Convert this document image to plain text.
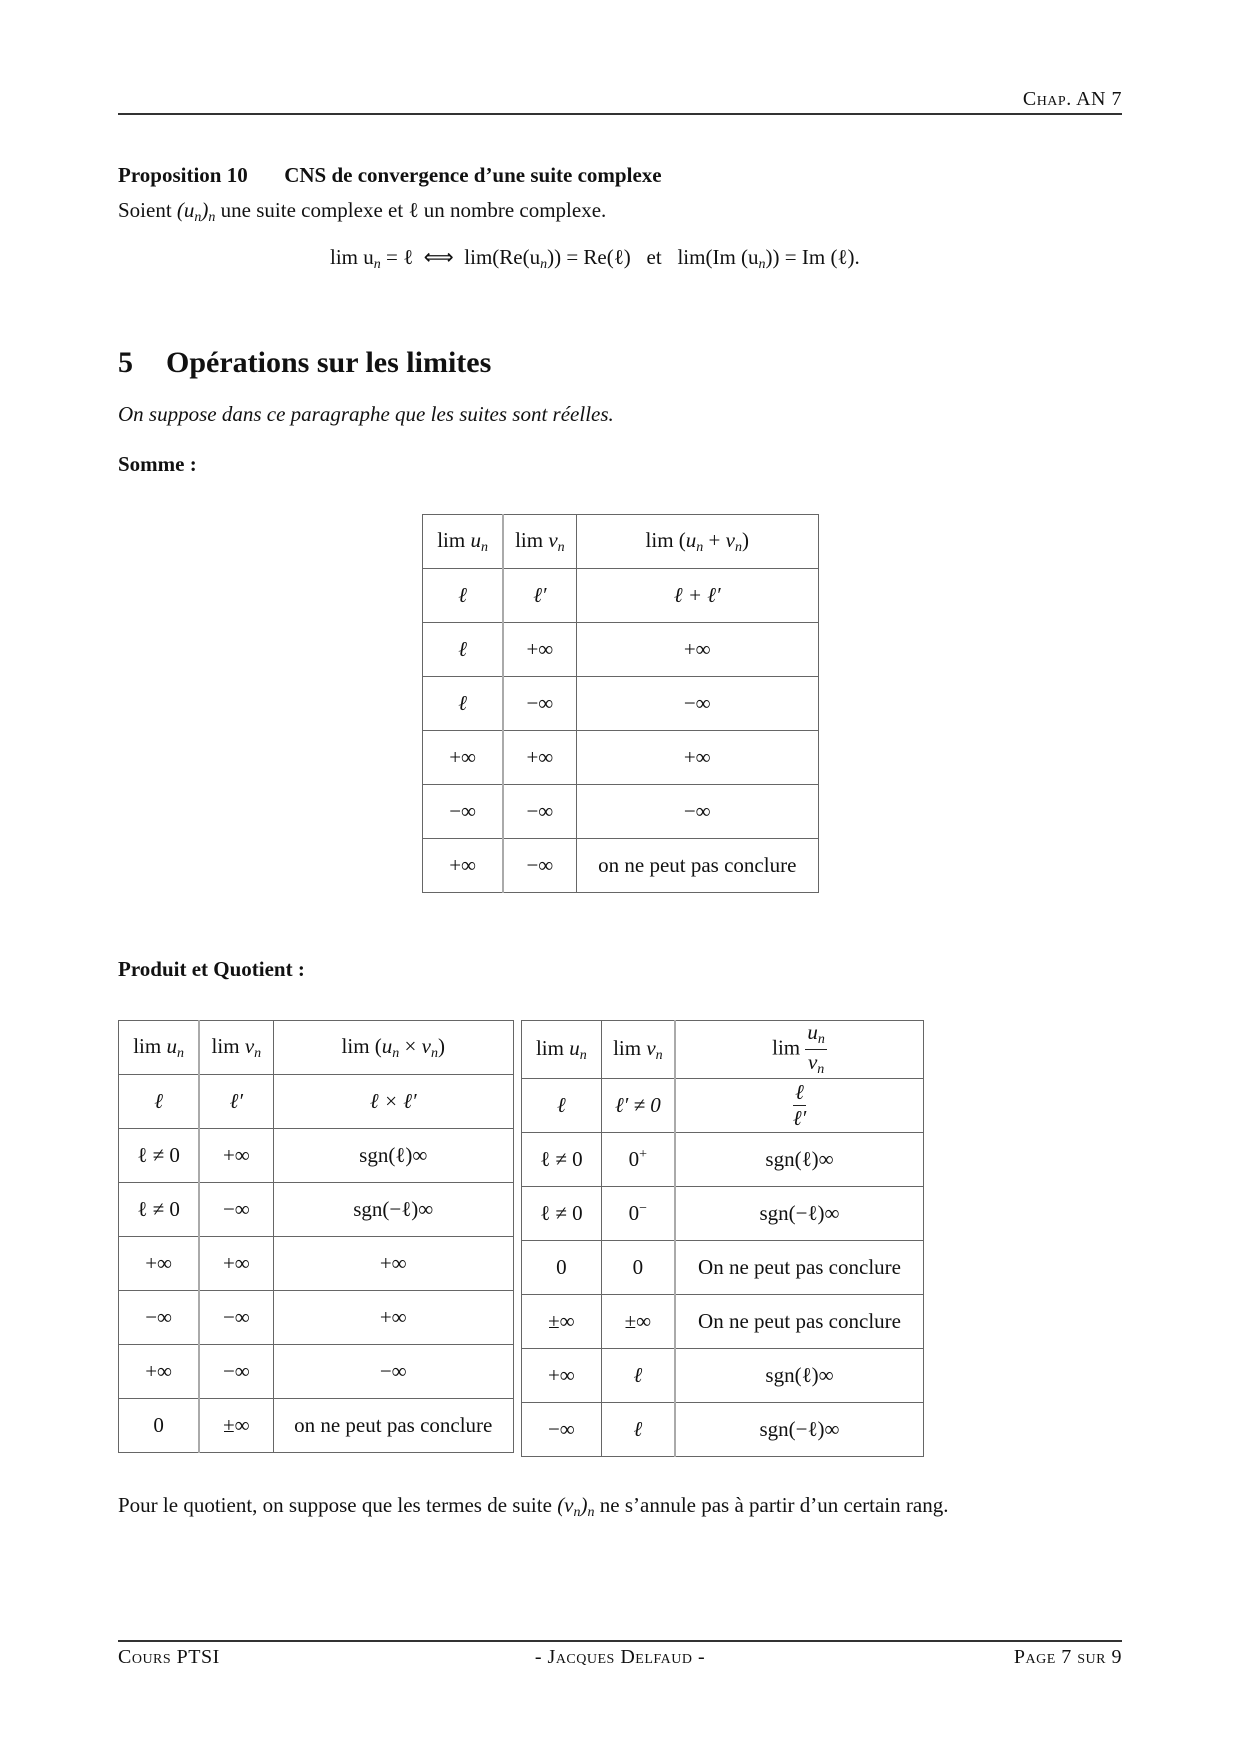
Chap. AN 7
Proposition 10 CNS de convergence d’une suite complexe
Soient $(u_n)_n$ une suite complexe et ℓ un nombre complexe.
$\lim u_n$ = ℓ  ⟺  $\lim(Re(u_n))$ = Re(ℓ)   et   lim(Im $(u_n)) = Im$ (ℓ).
5 Opérations sur les limites
On suppose dans ce paragraphe que les suites sont réelles.
Somme :
$\lim u_n$	$\lim v_n$	$\lim (u_n + v_n)$
ℓ	ℓ′	ℓ + ℓ′
ℓ	+∞	+∞
ℓ	−∞	−∞
+∞	+∞	+∞
−∞	−∞	−∞
+∞	−∞	on ne peut pas conclure
Produit et Quotient :
$\lim u_n$	$\lim v_n$	$\lim (u_n \times v_n)$
ℓ	ℓ′	ℓ × ℓ′
ℓ ≠ 0	+∞	sgn(ℓ)∞
ℓ ≠ 0	−∞	sgn(−ℓ)∞
+∞	+∞	+∞
−∞	−∞	+∞
+∞	−∞	−∞
0	±∞	on ne peut pas conclure
$\lim u_n$	$\lim v_n$	$\lim \frac{u_n}{v_n}$

ℓ	ℓ′ ≠ 0	$\frac{\text{ℓ}}{\text{ℓ′}}$

ℓ ≠ 0	0+	sgn(ℓ)∞
ℓ ≠ 0	0−	sgn(−ℓ)∞
0	0	On ne peut pas conclure
±∞	±∞	On ne peut pas conclure
+∞	ℓ	sgn(ℓ)∞
−∞	ℓ	sgn(−ℓ)∞
Pour le quotient, on suppose que les termes de suite $(v_n)_n$ ne s’annule pas à partir d’un certain rang.
Cours PTSI	- Jacques Delfaud -	Page 7 sur 9
